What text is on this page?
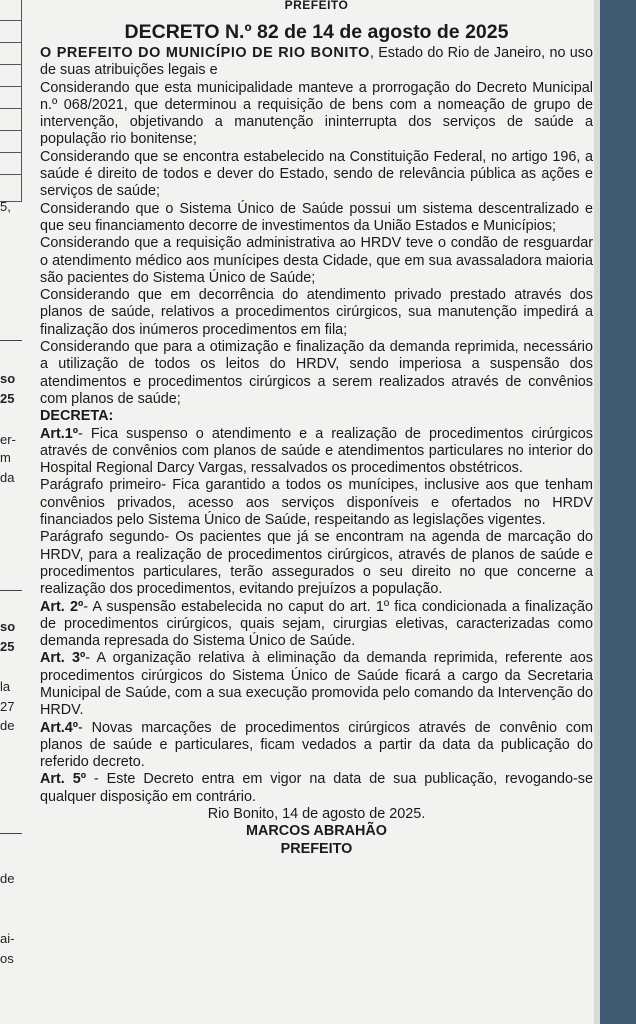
5,
so
25
er-
m
da
so
25
la
27
de
de
ai-
os
PREFEITO
DECRETO N.º 82 de 14 de agosto de 2025

O PREFEITO DO MUNICÍPIO DE RIO BONITO, Estado do Rio de Janeiro, no uso de suas atribuições legais e

Considerando que esta municipalidade manteve a prorrogação do Decreto Municipal n.º 068/2021, que determinou a requisição de bens com a nomeação de grupo de intervenção, objetivando a manutenção ininterrupta dos serviços de saúde a população rio bonitense;

Considerando que se encontra estabelecido na Constituição Federal, no artigo 196, a saúde é direito de todos e dever do Estado, sendo de relevância pública as ações e serviços de saúde;

Considerando que o Sistema Único de Saúde possui um sistema descentralizado e que seu financiamento decorre de investimentos da União Estados e Municípios;

Considerando que a requisição administrativa ao HRDV teve o condão de resguardar o atendimento médico aos munícipes desta Cidade, que em sua avassaladora maioria são pacientes do Sistema Único de Saúde;

Considerando que em decorrência do atendimento privado prestado através dos planos de saúde, relativos a procedimentos cirúrgicos, sua manutenção impedirá a finalização dos inúmeros procedimentos em fila;

Considerando que para a otimização e finalização da demanda reprimida, necessário a utilização de todos os leitos do HRDV, sendo imperiosa a suspensão dos atendimentos e procedimentos cirúrgicos a serem realizados através de convênios com planos de saúde;

DECRETA:

Art.1º- Fica suspenso o atendimento e a realização de procedimentos cirúrgicos através de convênios com planos de saúde e atendimentos particulares no interior do Hospital Regional Darcy Vargas, ressalvados os procedimentos obstétricos.

Parágrafo primeiro- Fica garantido a todos os munícipes, inclusive aos que tenham convênios privados, acesso aos serviços disponíveis e ofertados no HRDV financiados pelo Sistema Único de Saúde, respeitando as legislações vigentes.

Parágrafo segundo- Os pacientes que já se encontram na agenda de marcação do HRDV, para a realização de procedimentos cirúrgicos, através de planos de saúde e procedimentos particulares, terão assegurados o seu direito no que concerne a realização dos procedimentos, evitando prejuízos a população.

Art. 2º- A suspensão estabelecida no caput do art. 1º fica condicionada a finalização de procedimentos cirúrgicos, quais sejam, cirurgias eletivas, caracterizadas como demanda represada do Sistema Único de Saúde.

Art. 3º- A organização relativa à eliminação da demanda reprimida, referente aos procedimentos cirúrgicos do Sistema Único de Saúde ficará a cargo da Secretaria Municipal de Saúde, com a sua execução promovida pelo comando da Intervenção do HRDV.

Art.4º- Novas marcações de procedimentos cirúrgicos através de convênio com planos de saúde e particulares, ficam vedados a partir da data da publicação do referido decreto.

Art. 5º - Este Decreto entra em vigor na data de sua publicação, revogando-se qualquer disposição em contrário.

Rio Bonito, 14 de agosto de 2025.

MARCOS ABRAHÃO

PREFEITO
